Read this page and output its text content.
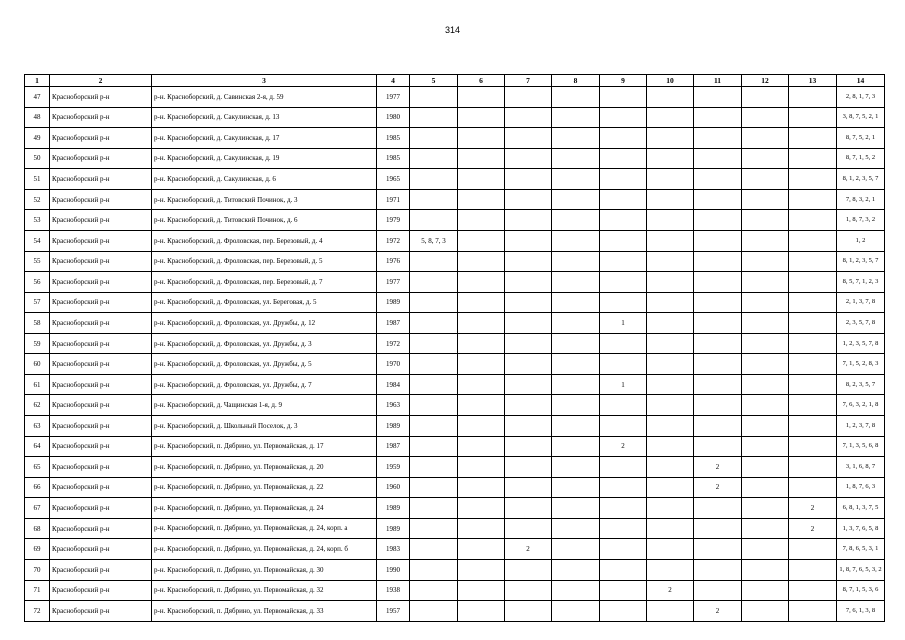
314
1	2	3	4	5	6	7	8	9	10	11	12	13	14
47	Красноборский р-н	р-н. Красноборский, д. Савинская 2-я, д. 59	1977										2, 8, 1, 7, 3
48	Красноборский р-н	р-н. Красноборский, д. Сакулинская, д. 13	1980										3, 8, 7, 5, 2, 1
49	Красноборский р-н	р-н. Красноборский, д. Сакулинская, д. 17	1985										8, 7, 5, 2, 1
50	Красноборский р-н	р-н. Красноборский, д. Сакулинская, д. 19	1985										8, 7, 1, 5, 2
51	Красноборский р-н	р-н. Красноборский, д. Сакулинская, д. 6	1965										8, 1, 2, 3, 5, 7
52	Красноборский р-н	р-н. Красноборский, д. Титовский Починок, д. 3	1971										7, 8, 3, 2, 1
53	Красноборский р-н	р-н. Красноборский, д. Титовский Починок, д. 6	1979										1, 8, 7, 3, 2
54	Красноборский р-н	р-н. Красноборский, д. Фроловская, пер. Березовый, д. 4	1972	5, 8, 7, 3									1, 2
55	Красноборский р-н	р-н. Красноборский, д. Фроловская, пер. Березовый, д. 5	1976										8, 1, 2, 3, 5, 7
56	Красноборский р-н	р-н. Красноборский, д. Фроловская, пер. Березовый, д. 7	1977										8, 5, 7, 1, 2, 3
57	Красноборский р-н	р-н. Красноборский, д. Фроловская, ул. Береговая, д. 5	1989										2, 1, 3, 7, 8
58	Красноборский р-н	р-н. Красноборский, д. Фроловская, ул. Дружбы, д. 12	1987					1					2, 3, 5, 7, 8
59	Красноборский р-н	р-н. Красноборский, д. Фроловская, ул. Дружбы, д. 3	1972										1, 2, 3, 5, 7, 8
60	Красноборский р-н	р-н. Красноборский, д. Фроловская, ул. Дружбы, д. 5	1970										7, 1, 5, 2, 8, 3
61	Красноборский р-н	р-н. Красноборский, д. Фроловская, ул. Дружбы, д. 7	1984					1					8, 2, 3, 5, 7
62	Красноборский р-н	р-н. Красноборский, д. Чащинская 1-я, д. 9	1963										7, 6, 3, 2, 1, 8
63	Красноборский р-н	р-н. Красноборский, д. Школьный Поселок, д. 3	1989										1, 2, 3, 7, 8
64	Красноборский р-н	р-н. Красноборский, п. Дябрино, ул. Первомайская, д. 17	1987					2					7, 1, 3, 5, 6, 8
65	Красноборский р-н	р-н. Красноборский, п. Дябрино, ул. Первомайская, д. 20	1959							2			3, 1, 6, 8, 7
66	Красноборский р-н	р-н. Красноборский, п. Дябрино, ул. Первомайская, д. 22	1960							2			1, 8, 7, 6, 3
67	Красноборский р-н	р-н. Красноборский, п. Дябрино, ул. Первомайская, д. 24	1989									2	6, 8, 1, 3, 7, 5
68	Красноборский р-н	р-н. Красноборский, п. Дябрино, ул. Первомайская, д. 24, корп. а	1989									2	1, 3, 7, 6, 5, 8
69	Красноборский р-н	р-н. Красноборский, п. Дябрино, ул. Первомайская, д. 24, корп. б	1983			2							7, 8, 6, 5, 3, 1
70	Красноборский р-н	р-н. Красноборский, п. Дябрино, ул. Первомайская, д. 30	1990										1, 8, 7, 6, 5, 3, 2
71	Красноборский р-н	р-н. Красноборский, п. Дябрино, ул. Первомайская, д. 32	1938						2				8, 7, 1, 5, 3, 6
72	Красноборский р-н	р-н. Красноборский, п. Дябрино, ул. Первомайская, д. 33	1957							2			7, 6, 1, 3, 8
